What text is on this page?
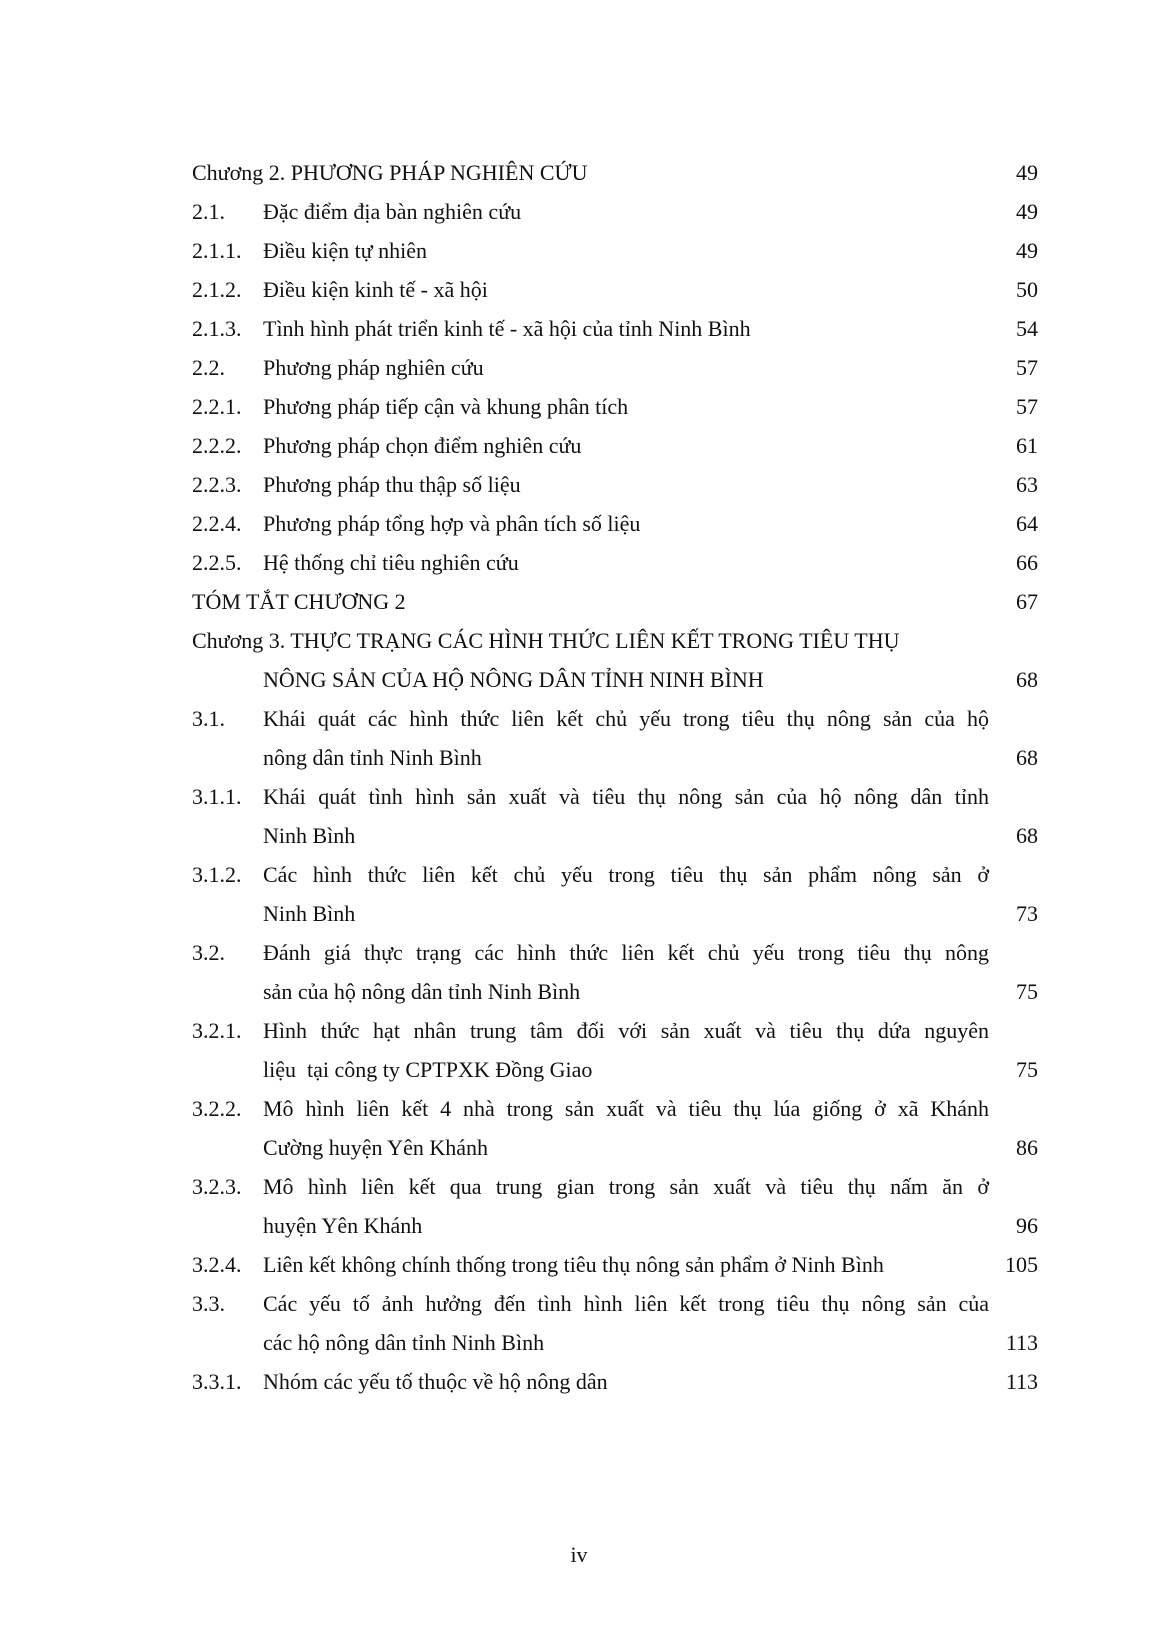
Chương 2. PHƯƠNG PHÁP NGHIÊN CỨU	49
2.1. Đặc điểm địa bàn nghiên cứu	49
2.1.1. Điều kiện tự nhiên	49
2.1.2. Điều kiện kinh tế - xã hội	50
2.1.3. Tình hình phát triển kinh tế - xã hội của tỉnh Ninh Bình	54
2.2. Phương pháp nghiên cứu	57
2.2.1. Phương pháp tiếp cận và khung phân tích	57
2.2.2. Phương pháp chọn điểm nghiên cứu	61
2.2.3. Phương pháp thu thập số liệu	63
2.2.4. Phương pháp tổng hợp và phân tích số liệu	64
2.2.5. Hệ thống chỉ tiêu nghiên cứu	66
TÓM TẮT CHƯƠNG 2	67
Chương 3. THỰC TRẠNG CÁC HÌNH THỨC LIÊN KẾT TRONG TIÊU THỤ
NÔNG SẢN CỦA HỘ NÔNG DÂN TỈNH NINH BÌNH	68
3.1. Khái quát các hình thức liên kết chủ yếu trong tiêu thụ nông sản của hộ
nông dân tỉnh Ninh Bình	68
3.1.1. Khái quát tình hình sản xuất và tiêu thụ nông sản của hộ nông dân tỉnh
Ninh Bình	68
3.1.2. Các hình thức liên kết chủ yếu trong tiêu thụ sản phẩm nông sản ở
Ninh Bình	73
3.2. Đánh giá thực trạng các hình thức liên kết chủ yếu trong tiêu thụ nông
sản của hộ nông dân tỉnh Ninh Bình	75
3.2.1. Hình thức hạt nhân trung tâm đối với sản xuất và tiêu thụ dứa nguyên
liệu  tại công ty CPTPXK Đồng Giao	75
3.2.2. Mô hình liên kết 4 nhà trong sản xuất và tiêu thụ lúa giống ở xã Khánh
Cường huyện Yên Khánh	86
3.2.3. Mô hình liên kết qua trung gian trong sản xuất và tiêu thụ nấm ăn ở
huyện Yên Khánh	96
3.2.4. Liên kết không chính thống trong tiêu thụ nông sản phẩm ở Ninh Bình	105
3.3. Các yếu tố ảnh hưởng đến tình hình liên kết trong tiêu thụ nông sản của
các hộ nông dân tỉnh Ninh Bình	113
3.3.1. Nhóm các yếu tố thuộc về hộ nông dân	113
iv
